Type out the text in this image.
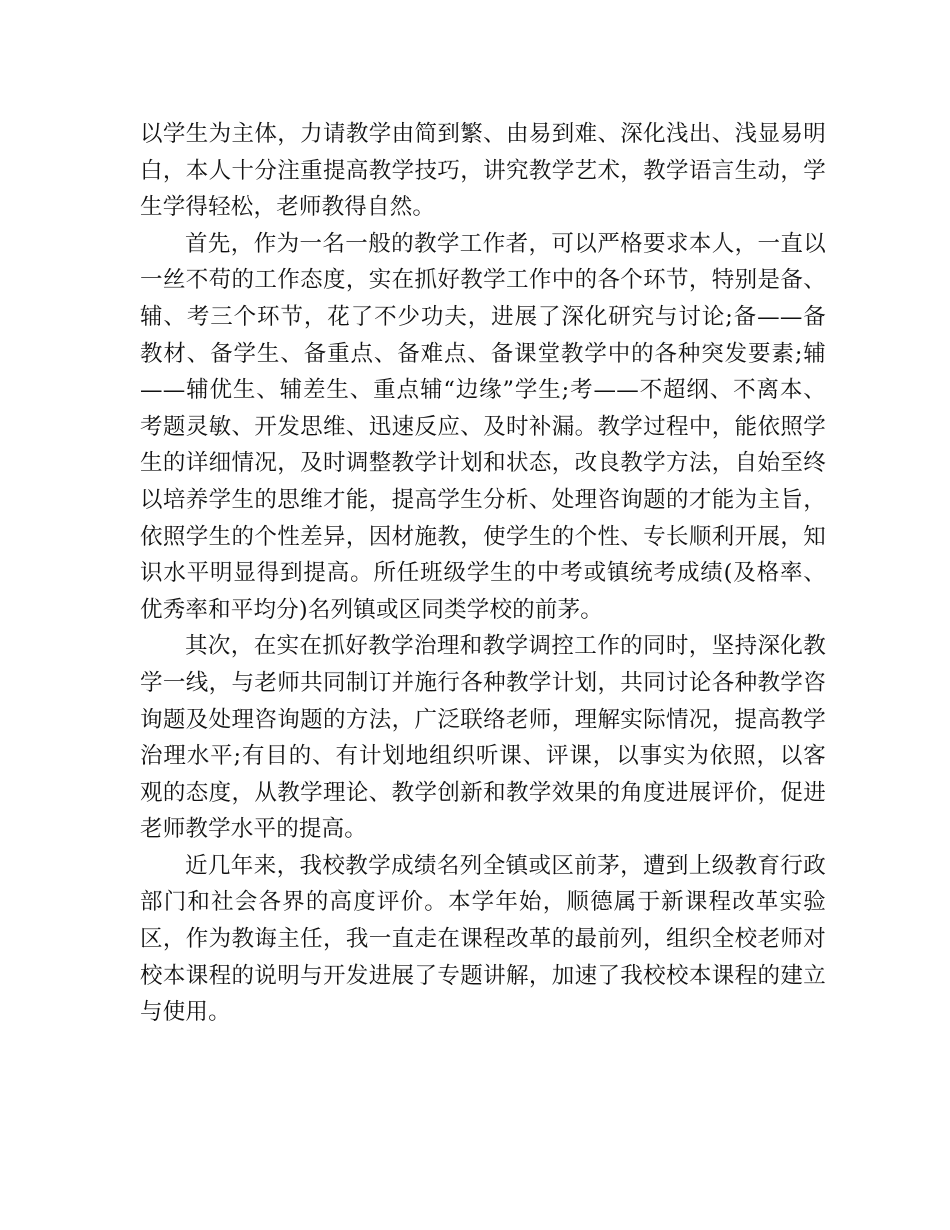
以学生为主体，力请教学由简到繁、由易到难、深化浅出、浅显易明白，本人十分注重提高教学技巧，讲究教学艺术，教学语言生动，学生学得轻松，老师教得自然。

首先，作为一名一般的教学工作者，可以严格要求本人，一直以一丝不苟的工作态度，实在抓好教学工作中的各个环节，特别是备、辅、考三个环节，花了不少功夫，进展了深化研究与讨论;备——备教材、备学生、备重点、备难点、备课堂教学中的各种突发要素;辅——辅优生、辅差生、重点辅“边缘”学生;考——不超纲、不离本、考题灵敏、开发思维、迅速反应、及时补漏。教学过程中，能依照学生的详细情况，及时调整教学计划和状态，改良教学方法，自始至终以培养学生的思维才能，提高学生分析、处理咨询题的才能为主旨，依照学生的个性差异，因材施教，使学生的个性、专长顺利开展，知识水平明显得到提高。所任班级学生的中考或镇统考成绩(及格率、优秀率和平均分)名列镇或区同类学校的前茅。

其次，在实在抓好教学治理和教学调控工作的同时，坚持深化教学一线，与老师共同制订并施行各种教学计划，共同讨论各种教学咨询题及处理咨询题的方法，广泛联络老师，理解实际情况，提高教学治理水平;有目的、有计划地组织听课、评课，以事实为依照，以客观的态度，从教学理论、教学创新和教学效果的角度进展评价，促进老师教学水平的提高。

近几年来，我校教学成绩名列全镇或区前茅，遭到上级教育行政部门和社会各界的高度评价。本学年始，顺德属于新课程改革实验区，作为教诲主任，我一直走在课程改革的最前列，组织全校老师对校本课程的说明与开发进展了专题讲解，加速了我校校本课程的建立与使用。
